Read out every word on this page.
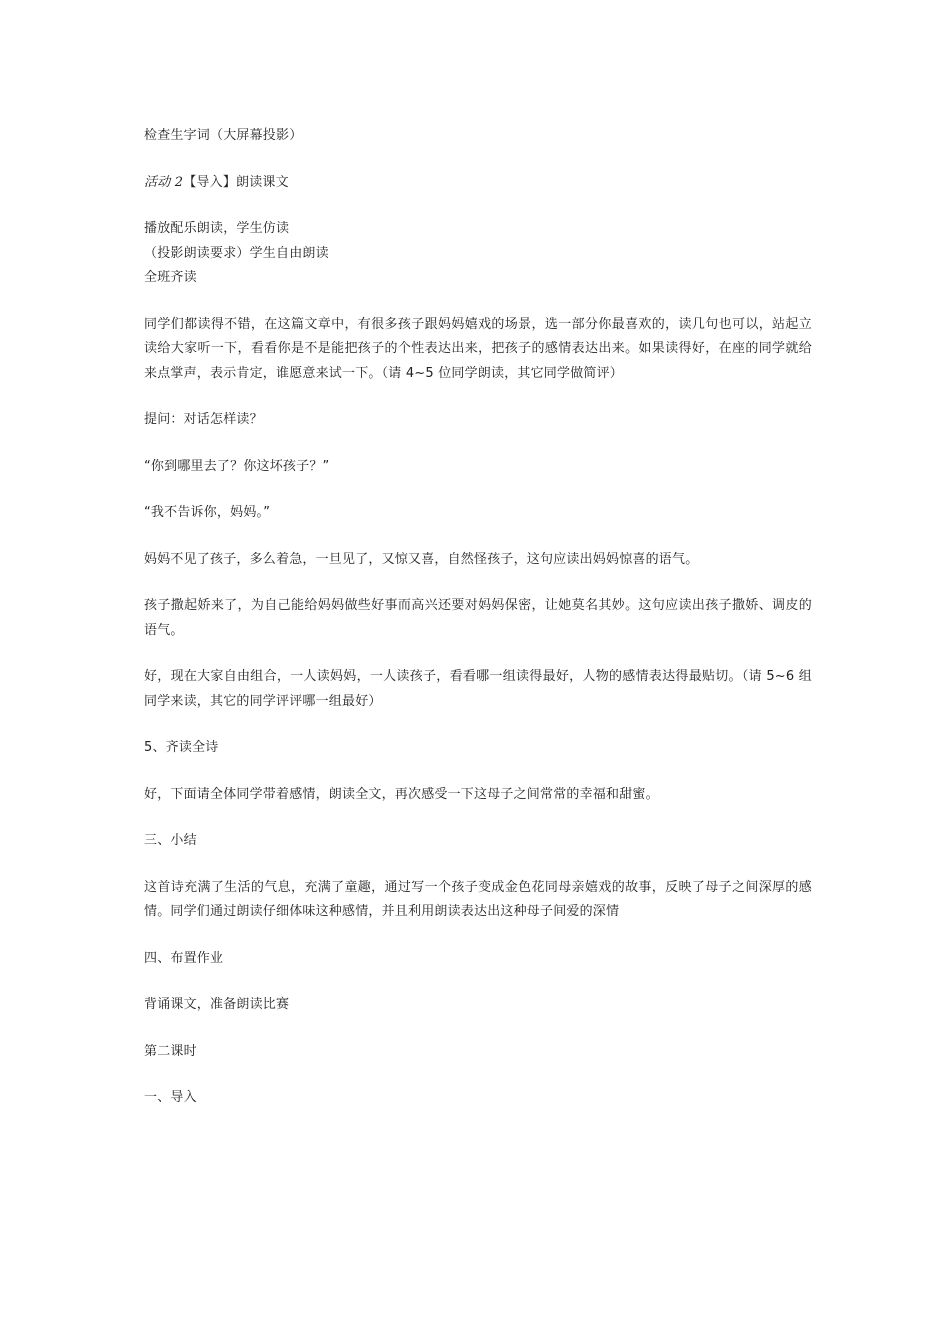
检查生字词（大屏幕投影）

活动 2【导入】朗读课文

播放配乐朗读，学生仿读
（投影朗读要求）学生自由朗读
全班齐读

同学们都读得不错，在这篇文章中，有很多孩子跟妈妈嬉戏的场景，选一部分你最喜欢的，读几句也可以，站起立读给大家听一下，看看你是不是能把孩子的个性表达出来，把孩子的感情表达出来。如果读得好，在座的同学就给来点掌声，表示肯定，谁愿意来试一下。（请 4~5 位同学朗读，其它同学做简评）

提问：对话怎样读？

“你到哪里去了？你这坏孩子？”

“我不告诉你，妈妈。”

妈妈不见了孩子，多么着急，一旦见了，又惊又喜，自然怪孩子，这句应读出妈妈惊喜的语气。

孩子撒起娇来了，为自己能给妈妈做些好事而高兴还要对妈妈保密，让她莫名其妙。这句应读出孩子撒娇、调皮的语气。

好，现在大家自由组合，一人读妈妈，一人读孩子，看看哪一组读得最好，人物的感情表达得最贴切。（请 5~6 组同学来读，其它的同学评评哪一组最好）

5、齐读全诗

好，下面请全体同学带着感情，朗读全文，再次感受一下这母子之间常常的幸福和甜蜜。

三、小结

这首诗充满了生活的气息，充满了童趣，通过写一个孩子变成金色花同母亲嬉戏的故事，反映了母子之间深厚的感情。同学们通过朗读仔细体味这种感情，并且利用朗读表达出这种母子间爱的深情

四、布置作业

背诵课文，准备朗读比赛

第二课时

一、导入
